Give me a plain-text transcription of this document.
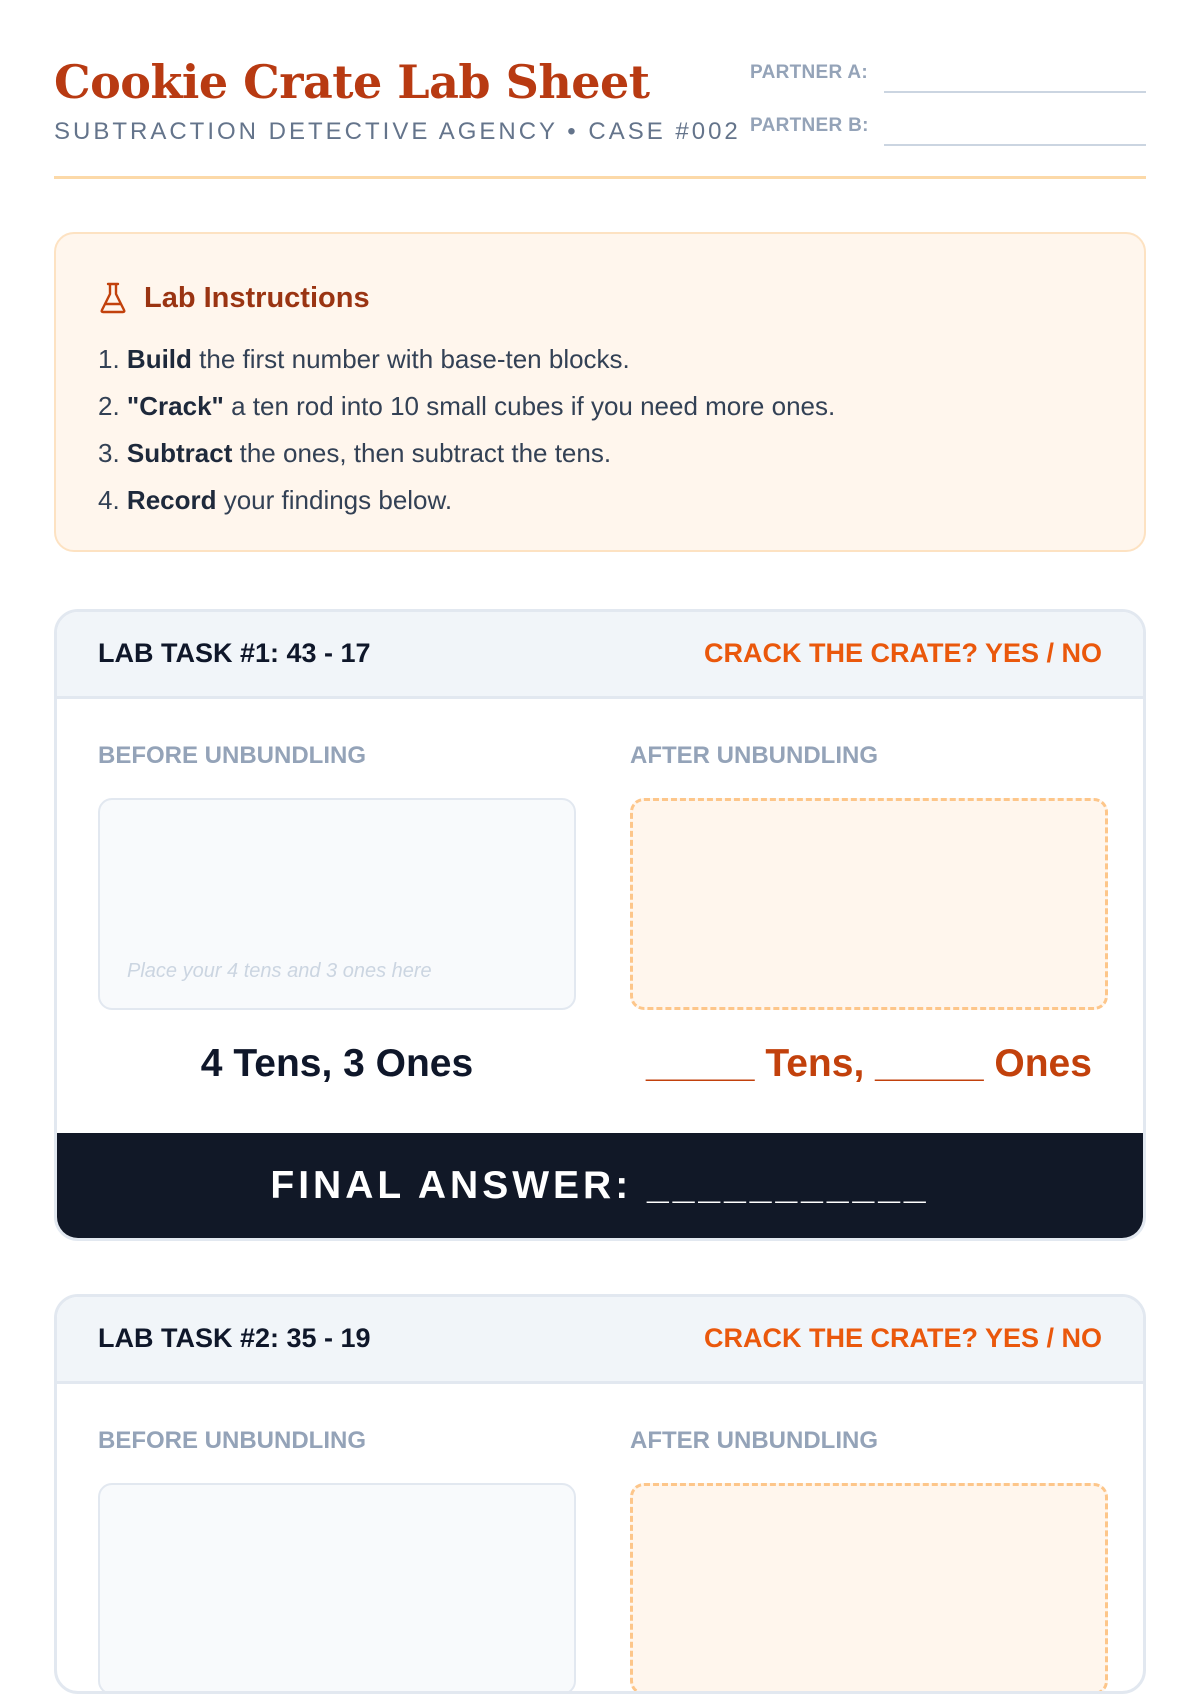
Cookie Crate Lab Sheet
SUBTRACTION DETECTIVE AGENCY • CASE #002
PARTNER A:
PARTNER B:
Lab Instructions
1. Build the first number with base-ten blocks.
2. "Crack" a ten rod into 10 small cubes if you need more ones.
3. Subtract the ones, then subtract the tens.
4. Record your findings below.
LAB TASK #1: 43 - 17	CRACK THE CRATE? YES / NO
BEFORE UNBUNDLING	AFTER UNBUNDLING
Place your 4 tens and 3 ones here
4 Tens, 3 Ones	_____ Tens, _____ Ones
FINAL ANSWER: ___________
LAB TASK #2: 35 - 19	CRACK THE CRATE? YES / NO
BEFORE UNBUNDLING	AFTER UNBUNDLING
